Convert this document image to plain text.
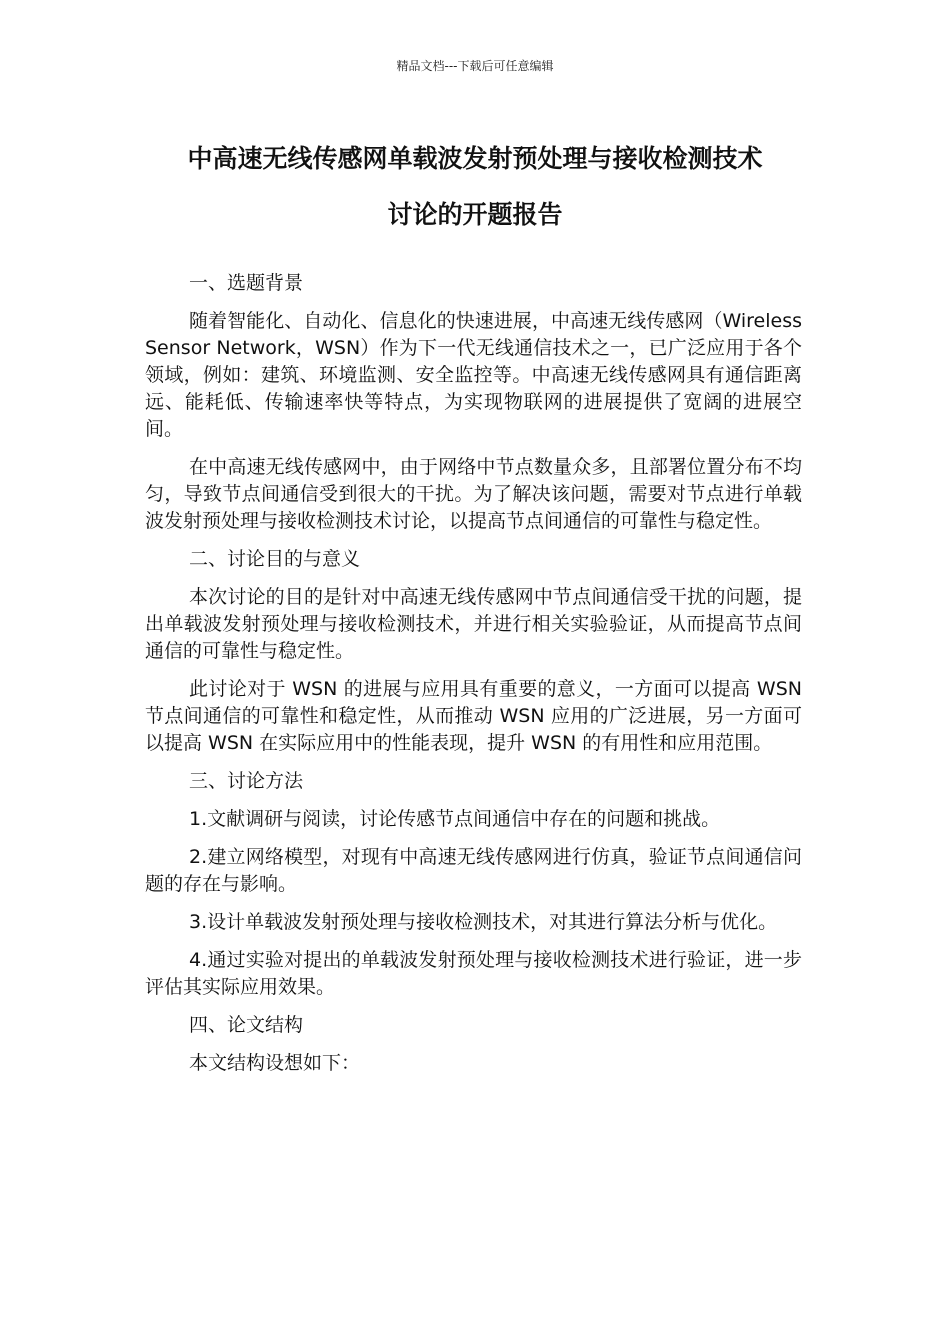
精品文档---下载后可任意编辑
中高速无线传感网单载波发射预处理与接收检测技术
讨论的开题报告

一、选题背景

随着智能化、自动化、信息化的快速进展，中高速无线传感网（Wireless Sensor Network，WSN）作为下一代无线通信技术之一，已广泛应用于各个领域，例如：建筑、环境监测、安全监控等。中高速无线传感网具有通信距离远、能耗低、传输速率快等特点，为实现物联网的进展提供了宽阔的进展空间。

在中高速无线传感网中，由于网络中节点数量众多，且部署位置分布不均匀，导致节点间通信受到很大的干扰。为了解决该问题，需要对节点进行单载波发射预处理与接收检测技术讨论，以提高节点间通信的可靠性与稳定性。

二、讨论目的与意义

本次讨论的目的是针对中高速无线传感网中节点间通信受干扰的问题，提出单载波发射预处理与接收检测技术，并进行相关实验验证，从而提高节点间通信的可靠性与稳定性。

此讨论对于 WSN 的进展与应用具有重要的意义，一方面可以提高 WSN 节点间通信的可靠性和稳定性，从而推动 WSN 应用的广泛进展，另一方面可以提高 WSN 在实际应用中的性能表现，提升 WSN 的有用性和应用范围。

三、讨论方法

1.文献调研与阅读，讨论传感节点间通信中存在的问题和挑战。

2.建立网络模型，对现有中高速无线传感网进行仿真，验证节点间通信问题的存在与影响。

3.设计单载波发射预处理与接收检测技术，对其进行算法分析与优化。

4.通过实验对提出的单载波发射预处理与接收检测技术进行验证，进一步评估其实际应用效果。

四、论文结构

本文结构设想如下：
